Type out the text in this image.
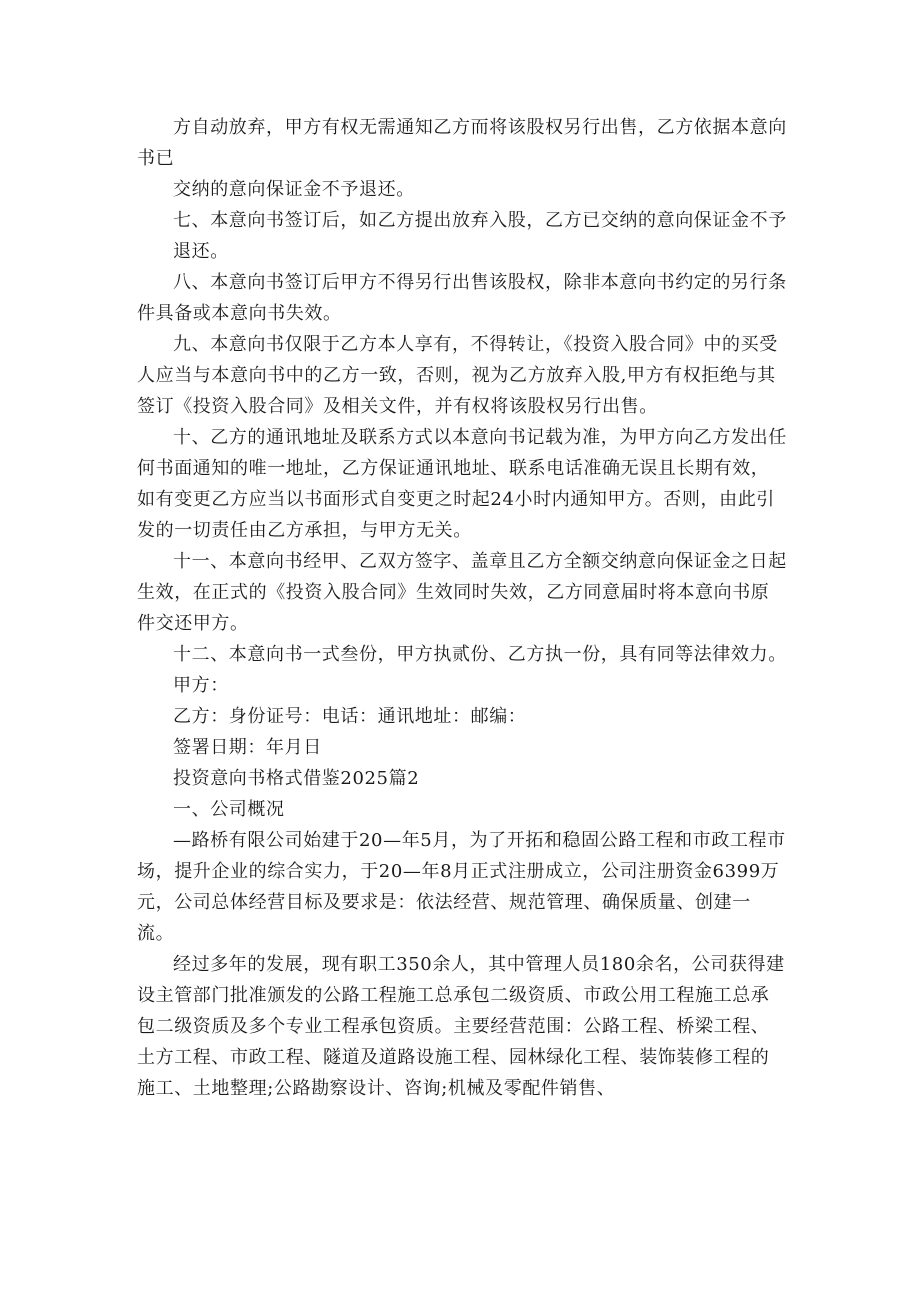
方自动放弃，甲方有权无需通知乙方而将该股权另行出售，乙方依据本意向书已

交纳的意向保证金不予退还。

七、本意向书签订后，如乙方提出放弃入股，乙方已交纳的意向保证金不予

退还。

八、本意向书签订后甲方不得另行出售该股权，除非本意向书约定的另行条件具备或本意向书失效。

九、本意向书仅限于乙方本人享有，不得转让，《投资入股合同》中的买受人应当与本意向书中的乙方一致，否则，视为乙方放弃入股,甲方有权拒绝与其签订《投资入股合同》及相关文件，并有权将该股权另行出售。

十、乙方的通讯地址及联系方式以本意向书记载为准，为甲方向乙方发出任何书面通知的唯一地址，乙方保证通讯地址、联系电话准确无误且长期有效，如有变更乙方应当以书面形式自变更之时起24小时内通知甲方。否则，由此引发的一切责任由乙方承担，与甲方无关。

十一、本意向书经甲、乙双方签字、盖章且乙方全额交纳意向保证金之日起生效，在正式的《投资入股合同》生效同时失效，乙方同意届时将本意向书原件交还甲方。

十二、本意向书一式叁份，甲方执贰份、乙方执一份，具有同等法律效力。

甲方：

乙方：身份证号：电话：通讯地址：邮编：

签署日期：年月日

投资意向书格式借鉴2025篇2

一、公司概况

—路桥有限公司始建于20—年5月，为了开拓和稳固公路工程和市政工程市场，提升企业的综合实力，于20—年8月正式注册成立，公司注册资金6399万元，公司总体经营目标及要求是：依法经营、规范管理、确保质量、创建一流。

经过多年的发展，现有职工350余人，其中管理人员180余名，公司获得建设主管部门批准颁发的公路工程施工总承包二级资质、市政公用工程施工总承包二级资质及多个专业工程承包资质。主要经营范围：公路工程、桥梁工程、土方工程、市政工程、隧道及道路设施工程、园林绿化工程、装饰装修工程的施工、土地整理;公路勘察设计、咨询;机械及零配件销售、
